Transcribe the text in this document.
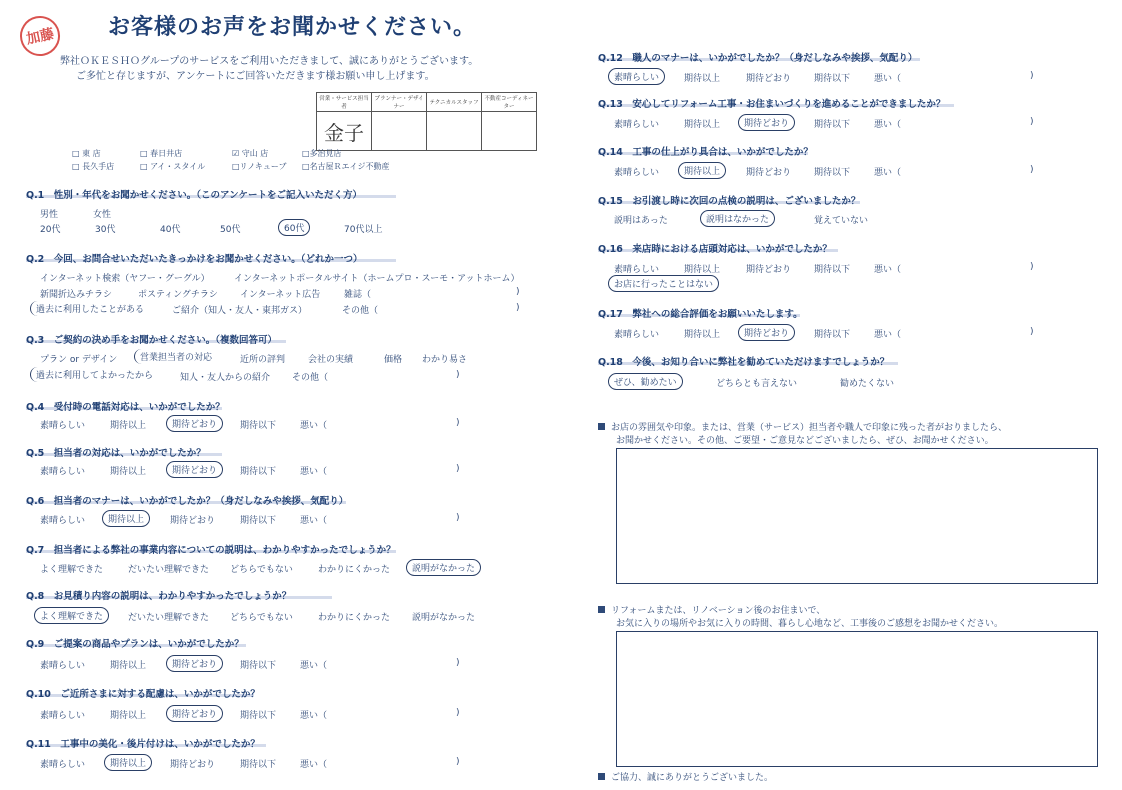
加藤	お客様のお声をお聞かせください。
弊社ＯＫＥＳＨＯグループのサービスをご利用いただきまして、誠にありがとうございます。
ご多忙と存じますが、アンケートにご回答いただきます様お願い申し上げます。
営業・サービス担当者	プランナー・デザイナー	テクニカルスタッフ	不動産コーディネーター
金子			
□ 東 店	□ 春日井店	☑ 守山 店	□多治見店
□ 長久手店	□ アイ・スタイル	□リノキューブ □名古屋Ｒエイジ不動産
Q.1　性別・年代をお聞かせください。（このアンケートをご記入いただく方）
男性	女性
20代	30代	40代	50代	60代	70代以上
Q.2　今回、お問合せいただいたきっかけをお聞かせください。（どれか一つ）
インターネット検索（ヤフー・グーグル）	インターネットポータルサイト（ホームプロ・スーモ・アットホーム）
新聞折込みチラシ	ポスティングチラシ インターネット広告	雑誌（	)
過去に利用したことがある	ご紹介（知人・友人・東邦ガス）	その他（	)
Q.3　ご契約の決め手をお聞かせください。（複数回答可）
プラン or デザイン	営業担当者の対応	近所の評判	会社の実績	価格 わかり易さ
過去に利用してよかったから	知人・友人からの紹介 その他（	)
Q.4　受付時の電話対応は、いかがでしたか？
素晴らしい	期待以上	期待どおり	期待以下	悪い（	)
Q.5　担当者の対応は、いかがでしたか？
素晴らしい	期待以上	期待どおり	期待以下	悪い（	)
Q.6　担当者のマナーは、いかがでしたか？（身だしなみや挨拶、気配り）
素晴らしい	期待以上	期待どおり	期待以下	悪い（	)
Q.7　担当者による弊社の事業内容についての説明は、わかりやすかったでしょうか？
よく理解できた	だいたい理解できた どちらでもない	わかりにくかった	説明がなかった
Q.8　お見積り内容の説明は、わかりやすかったでしょうか？
よく理解できた	だいたい理解できた どちらでもない	わかりにくかった 説明がなかった
Q.9　ご提案の商品やプランは、いかがでしたか？
素晴らしい	期待以上	期待どおり	期待以下	悪い（	)
Q.10　ご近所さまに対する配慮は、いかがでしたか？
素晴らしい	期待以上	期待どおり	期待以下	悪い（	)
Q.11　工事中の美化・後片付けは、いかがでしたか？
素晴らしい	期待以上	期待どおり	期待以下	悪い（	)
Q.12　職人のマナーは、いかがでしたか？（身だしなみや挨拶、気配り）
素晴らしい	期待以上	期待どおり	期待以下	悪い（	)
Q.13　安心してリフォーム工事・お住まいづくりを進めることができましたか？
素晴らしい	期待以上	期待どおり	期待以下	悪い（	)
Q.14　工事の仕上がり具合は、いかがでしたか？
素晴らしい	期待以上	期待どおり	期待以下	悪い（	)
Q.15　お引渡し時に次回の点検の説明は、ございましたか？
説明はあった	説明はなかった	覚えていない
Q.16　来店時における店頭対応は、いかがでしたか？
素晴らしい	期待以上	期待どおり	期待以下	悪い（	)
お店に行ったことはない
Q.17　弊社への総合評価をお願いいたします。
素晴らしい	期待以上	期待どおり	期待以下	悪い（	)
Q.18　今後、お知り合いに弊社を勧めていただけますでしょうか？
ぜひ、勧めたい	どちらとも言えない	勧めたくない
お店の雰囲気や印象。または、営業（サービス）担当者や職人で印象に残った者がおりましたら、
お聞かせください。その他、ご要望・ご意見などございましたら、ぜひ、お聞かせください。
リフォームまたは、リノベーション後のお住まいで、
お気に入りの場所やお気に入りの時間、暮らし心地など、工事後のご感想をお聞かせください。
ご協力、誠にありがとうございました。
